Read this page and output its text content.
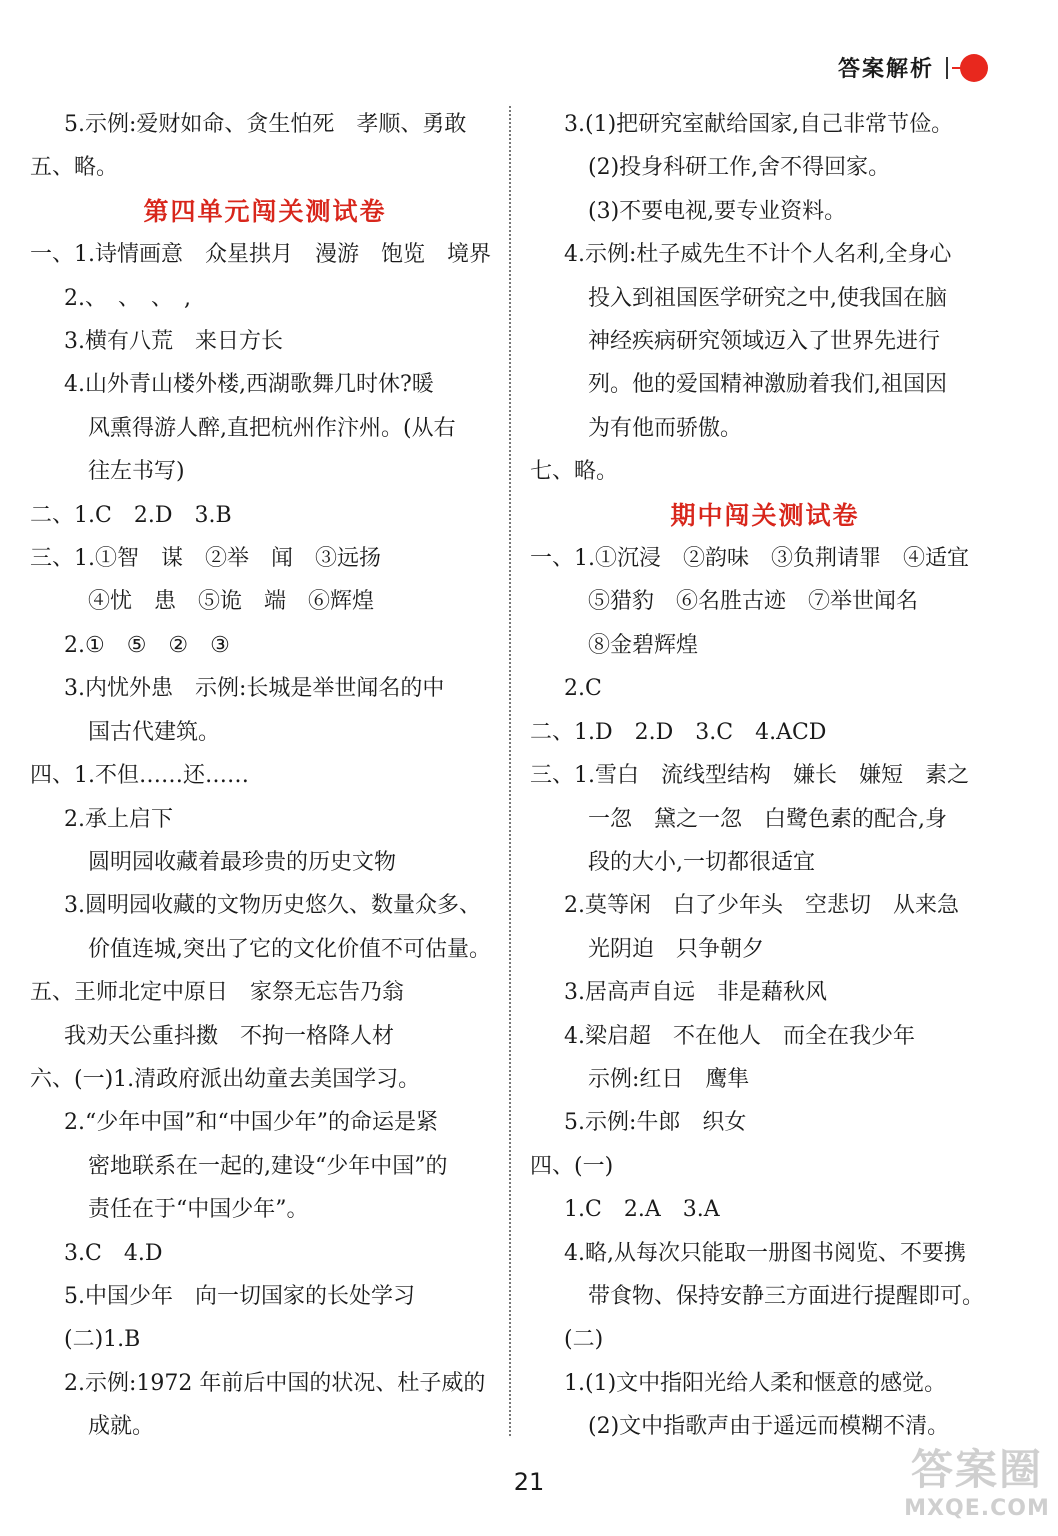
答案解析
5.示例:爱财如命、贪生怕死　孝顺、勇敢
五、略。
第四单元闯关测试卷
一、1.诗情画意　众星拱月　漫游　饱览　境界
2.、　、　、　,
3.横有八荒　来日方长
4.山外青山楼外楼,西湖歌舞几时休?暖
风熏得游人醉,直把杭州作汴州。(从右
往左书写)
二、1.C　2.D　3.B
三、1.①智　谋　②举　闻　③远扬
④忧　患　⑤诡　端　⑥辉煌
2.①　⑤　②　③
3.内忧外患　示例:长城是举世闻名的中
国古代建筑。
四、1.不但……还……
2.承上启下
圆明园收藏着最珍贵的历史文物
3.圆明园收藏的文物历史悠久、数量众多、
价值连城,突出了它的文化价值不可估量。
五、王师北定中原日　家祭无忘告乃翁
我劝天公重抖擞　不拘一格降人材
六、(一)1.清政府派出幼童去美国学习。
2.“少年中国”和“中国少年”的命运是紧
密地联系在一起的,建设“少年中国”的
责任在于“中国少年”。
3.C　4.D
5.中国少年　向一切国家的长处学习
(二)1.B
2.示例:1972 年前后中国的状况、杜子威的
成就。
3.(1)把研究室献给国家,自己非常节俭。
(2)投身科研工作,舍不得回家。
(3)不要电视,要专业资料。
4.示例:杜子威先生不计个人名利,全身心
投入到祖国医学研究之中,使我国在脑
神经疾病研究领域迈入了世界先进行
列。他的爱国精神激励着我们,祖国因
为有他而骄傲。
七、略。
期中闯关测试卷
一、1.①沉浸　②韵味　③负荆请罪　④适宜
⑤猎豹　⑥名胜古迹　⑦举世闻名
⑧金碧辉煌
2.C
二、1.D　2.D　3.C　4.ACD
三、1.雪白　流线型结构　嫌长　嫌短　素之
一忽　黛之一忽　白鹭色素的配合,身
段的大小,一切都很适宜
2.莫等闲　白了少年头　空悲切　从来急
光阴迫　只争朝夕
3.居高声自远　非是藉秋风
4.梁启超　不在他人　而全在我少年
示例:红日　鹰隼
5.示例:牛郎　织女
四、(一)
1.C　2.A　3.A
4.略,从每次只能取一册图书阅览、不要携
带食物、保持安静三方面进行提醒即可。
(二)
1.(1)文中指阳光给人柔和惬意的感觉。
(2)文中指歌声由于遥远而模糊不清。
21	答案圈
MXQE.COM
